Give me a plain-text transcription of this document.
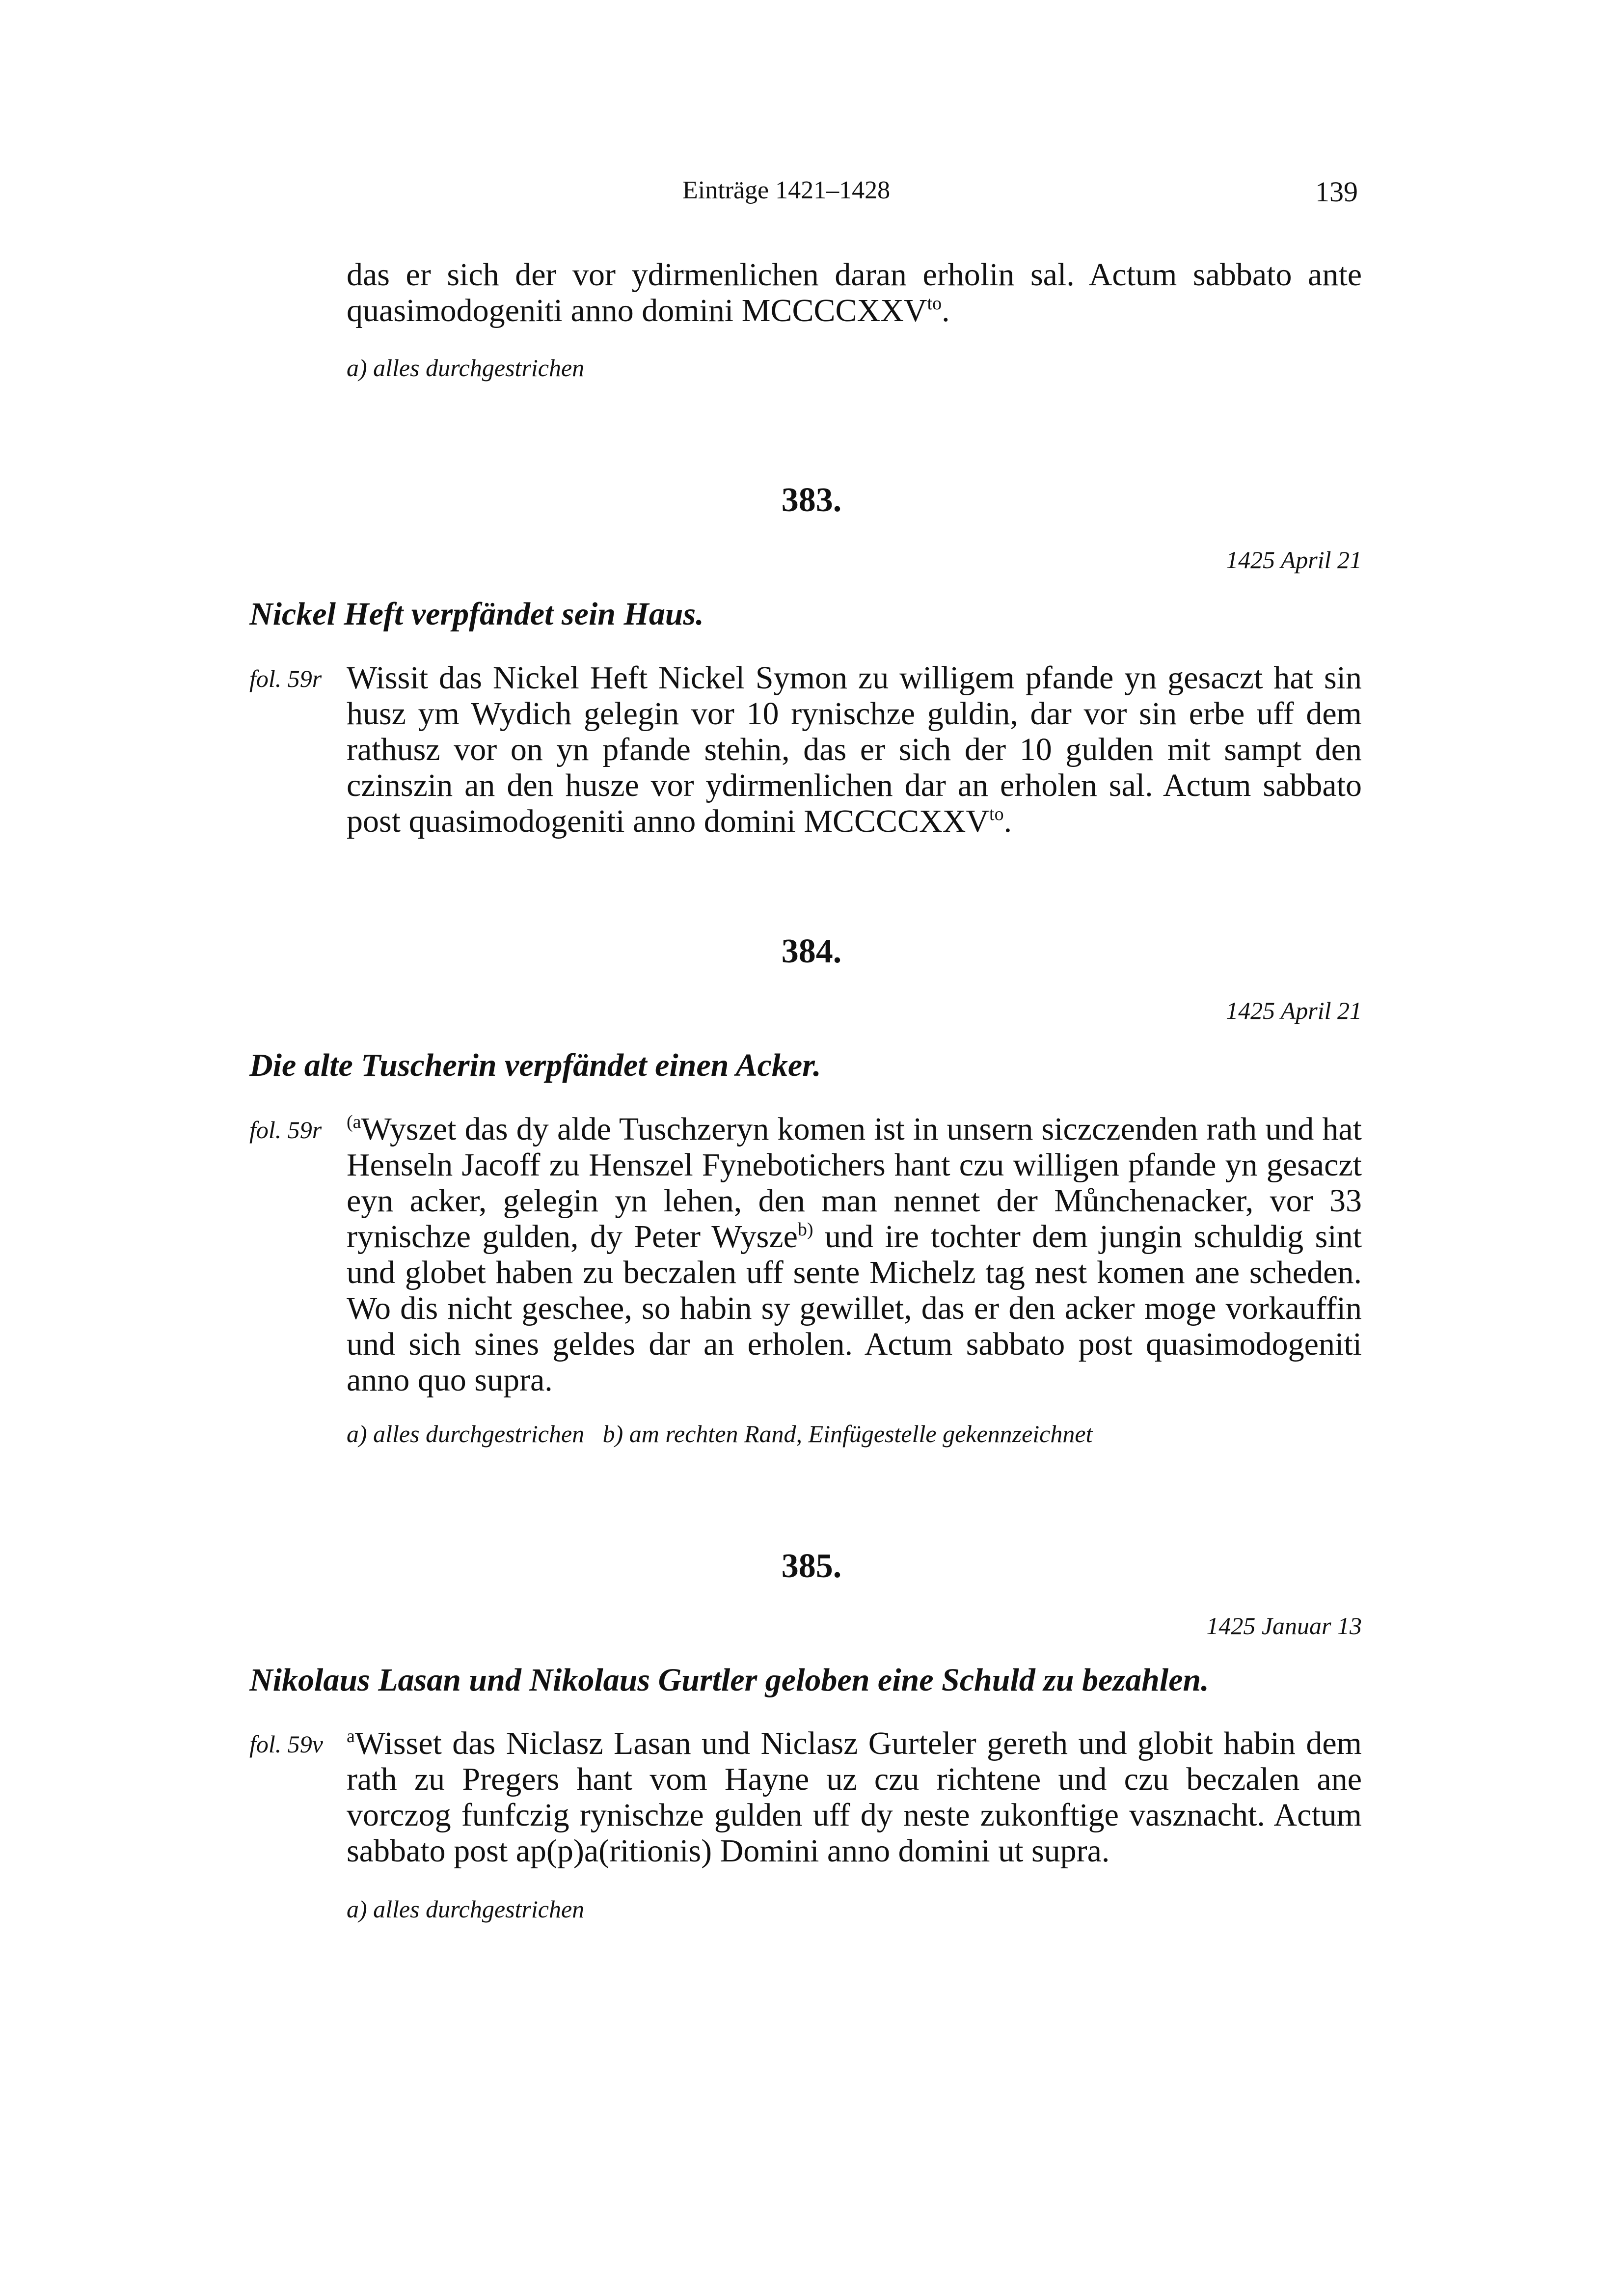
Einträge 1421–1428	139
das er sich der vor ydirmenlichen daran erholin sal. Actum sabbato ante quasimodogeniti anno domini $MCCCCXXV^{to}$.
a) alles durchgestrichen
383.
1425 April 21
Nickel Heft verpfändet sein Haus.
fol. 59r Wissit das Nickel Heft Nickel Symon zu willigem pfande yn gesaczt hat sin husz ym Wydich gelegin vor 10 rynischze guldin, dar vor sin erbe uff dem rathusz vor on yn pfande stehin, das er sich der 10 gulden mit sampt den czinszin an den husze vor ydirmenlichen dar an erholen sal. Actum sabbato post quasimodogeniti anno domini $MCCCCXXV^{to}$.
384.
1425 April 21
Die alte Tuscherin verpfändet einen Acker.
fol. 59r $^{(a}$Wyszet das dy alde Tuschzeryn komen ist in unsern siczczenden rath und hat Henseln Jacoff zu Henszel Fynebotichers hant czu willigen pfande yn gesaczt eyn acker, gelegin yn lehen, den man nennet der Můnchenacker, vor 33 rynischze gulden, dy Peter Wysze$^{b)}$ und ire tochter dem jungin schuldig sint und globet haben zu beczalen uff sente Michelz tag nest komen ane scheden. Wo dis nicht geschee, so habin sy gewillet, das er den acker moge vorkauffin und sich sines geldes dar an erholen. Actum sabbato post quasimodogeniti anno quo supra.
a) alles durchgestrichen   b) am rechten Rand, Einfügestelle gekennzeichnet
385.
1425 Januar 13
Nikolaus Lasan und Nikolaus Gurtler geloben eine Schuld zu bezahlen.
fol. 59v $^a$Wisset das Niclasz Lasan und Niclasz Gurteler gereth und globit habin dem rath zu Pregers hant vom Hayne uz czu richtene und czu beczalen ane vorczog funfczig rynischze gulden uff dy neste zukonftige vasznacht. Actum sabbato post ap(p)a(ritionis) Domini anno domini ut supra.
a) alles durchgestrichen
